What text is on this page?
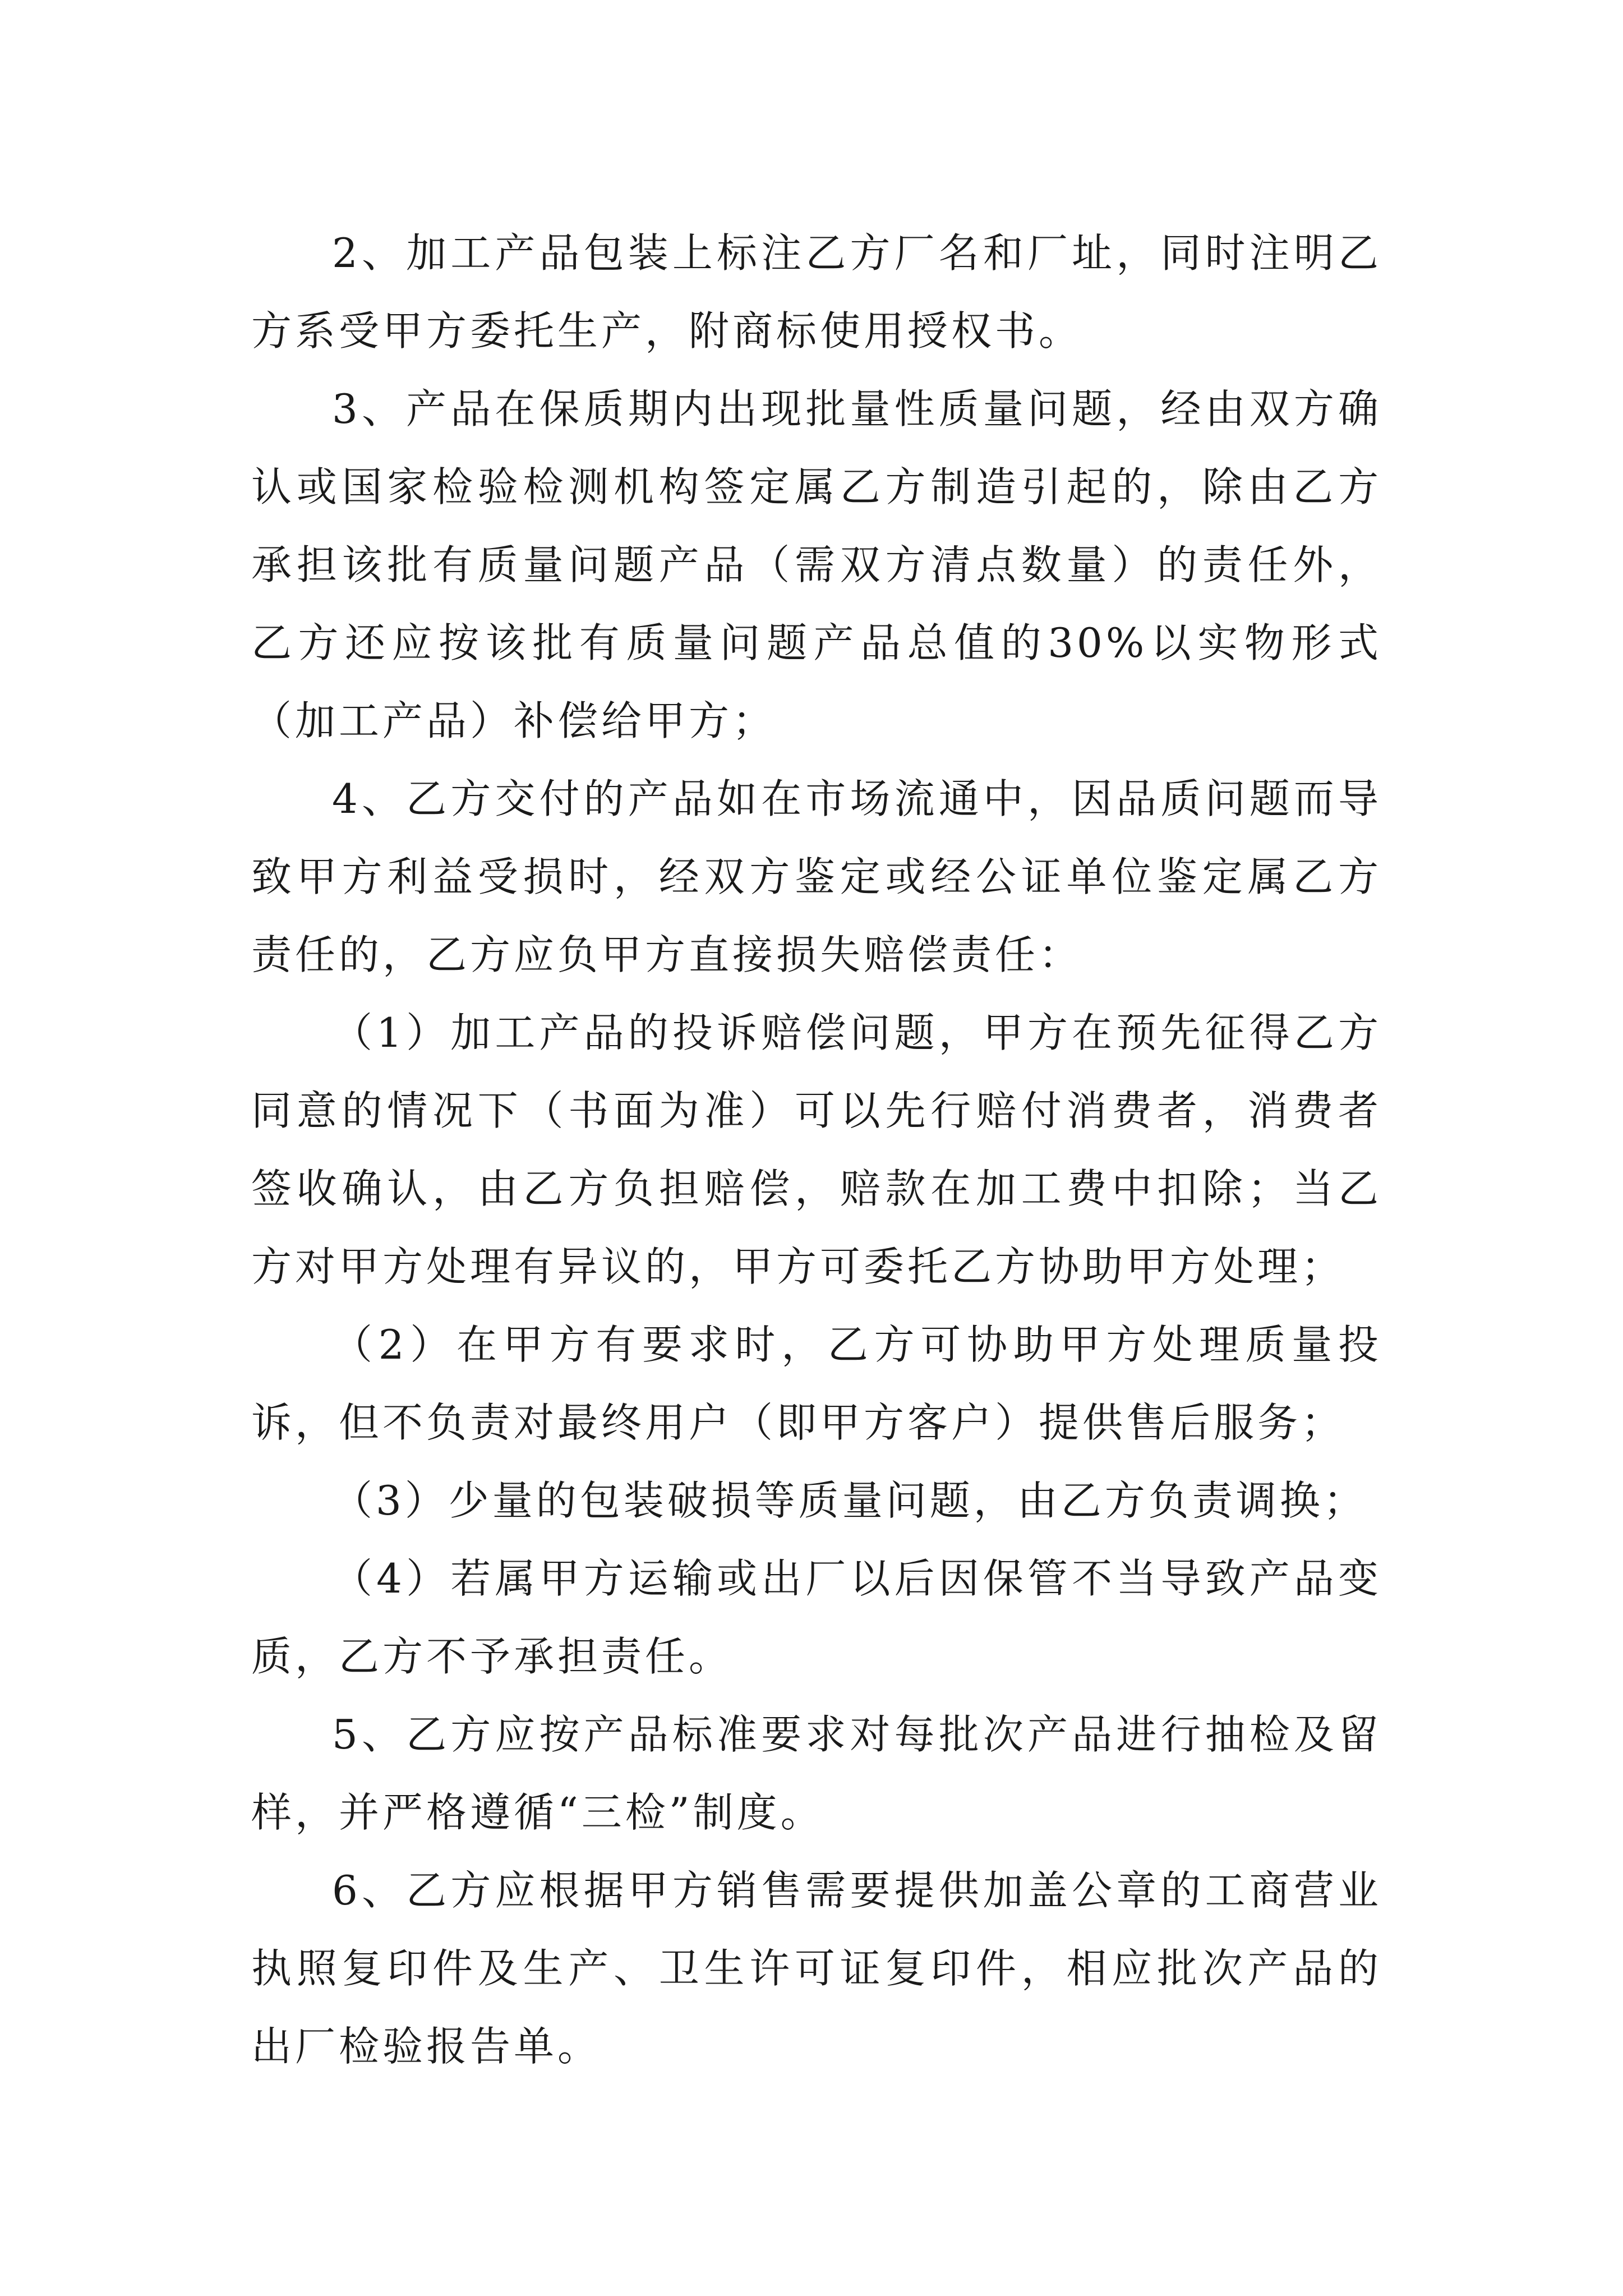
2、加工产品包装上标注乙方厂名和厂址，同时注明乙方系受甲方委托生产，附商标使用授权书。

3、产品在保质期内出现批量性质量问题，经由双方确认或国家检验检测机构签定属乙方制造引起的，除由乙方承担该批有质量问题产品（需双方清点数量）的责任外，乙方还应按该批有质量问题产品总值的30%以实物形式（加工产品）补偿给甲方；

4、乙方交付的产品如在市场流通中，因品质问题而导致甲方利益受损时，经双方鉴定或经公证单位鉴定属乙方责任的，乙方应负甲方直接损失赔偿责任：

（1）加工产品的投诉赔偿问题，甲方在预先征得乙方同意的情况下（书面为准）可以先行赔付消费者，消费者签收确认，由乙方负担赔偿，赔款在加工费中扣除；当乙方对甲方处理有异议的，甲方可委托乙方协助甲方处理；

（2）在甲方有要求时，乙方可协助甲方处理质量投诉，但不负责对最终用户（即甲方客户）提供售后服务；

（3）少量的包装破损等质量问题，由乙方负责调换；

（4）若属甲方运输或出厂以后因保管不当导致产品变质，乙方不予承担责任。

5、乙方应按产品标准要求对每批次产品进行抽检及留样，并严格遵循“三检”制度。

6、乙方应根据甲方销售需要提供加盖公章的工商营业执照复印件及生产、卫生许可证复印件，相应批次产品的出厂检验报告单。
